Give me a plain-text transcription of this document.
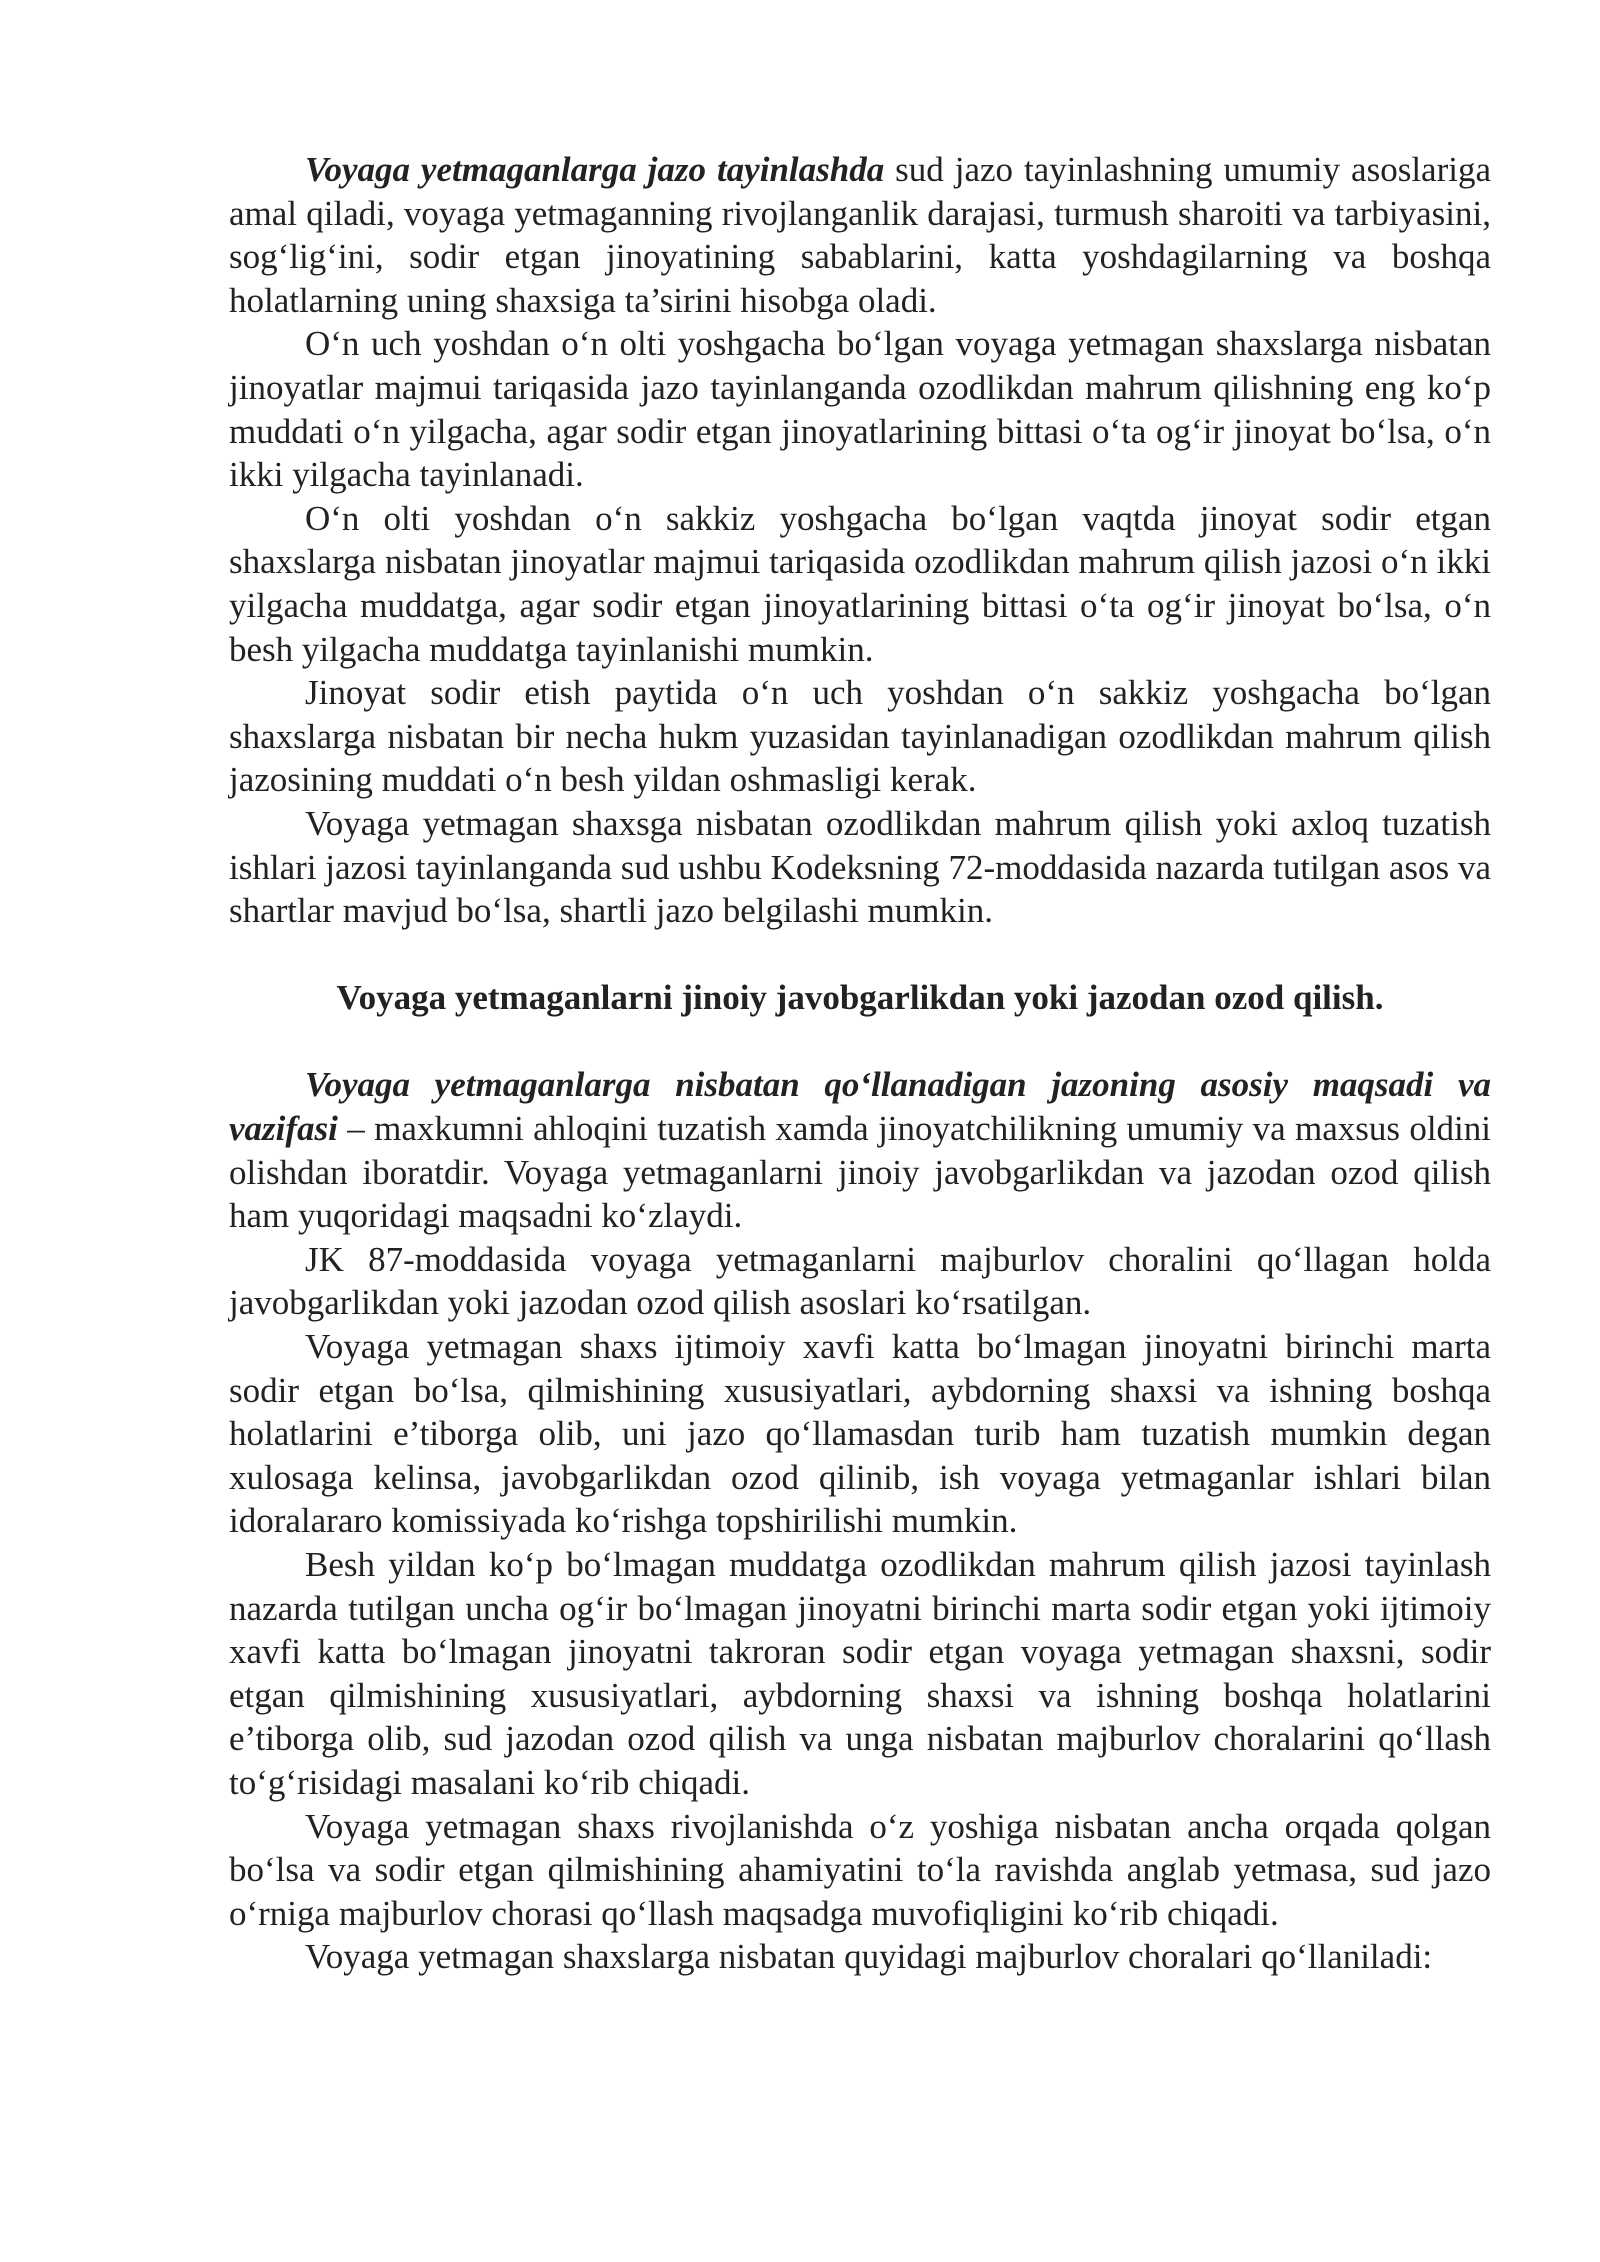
Voyaga yetmaganlarga jazo tayinlashda sud jazo tayinlashning umumiy asoslariga amal qiladi, voyaga yetmaganning rivojlanganlik darajasi, turmush sharoiti va tarbiyasini, sog‘lig‘ini, sodir etgan jinoyatining sabablarini, katta yoshdagilarning va boshqa holatlarning uning shaxsiga ta’sirini hisobga oladi.

O‘n uch yoshdan o‘n olti yoshgacha bo‘lgan voyaga yetmagan shaxslarga nisbatan jinoyatlar majmui tariqasida jazo tayinlanganda ozodlikdan mahrum qilishning eng ko‘p muddati o‘n yilgacha, agar sodir etgan jinoyatlarining bittasi o‘ta og‘ir jinoyat bo‘lsa, o‘n ikki yilgacha tayinlanadi.

O‘n olti yoshdan o‘n sakkiz yoshgacha bo‘lgan vaqtda jinoyat sodir etgan shaxslarga nisbatan jinoyatlar majmui tariqasida ozodlikdan mahrum qilish jazosi o‘n ikki yilgacha muddatga, agar sodir etgan jinoyatlarining bittasi o‘ta og‘ir jinoyat bo‘lsa, o‘n besh yilgacha muddatga tayinlanishi mumkin.

Jinoyat sodir etish paytida o‘n uch yoshdan o‘n sakkiz yoshgacha bo‘lgan shaxslarga nisbatan bir necha hukm yuzasidan tayinlanadigan ozodlikdan mahrum qilish jazosining muddati o‘n besh yildan oshmasligi kerak.

Voyaga yetmagan shaxsga nisbatan ozodlikdan mahrum qilish yoki axloq tuzatish ishlari jazosi tayinlanganda sud ushbu Kodeksning 72-moddasida nazarda tutilgan asos va shartlar mavjud bo‘lsa, shartli jazo belgilashi mumkin.

Voyaga yetmaganlarni jinoiy javobgarlikdan yoki jazodan ozod qilish.

Voyaga yetmaganlarga nisbatan qo‘llanadigan jazoning asosiy maqsadi va vazifasi – maxkumni ahloqini tuzatish xamda jinoyatchilikning umumiy va maxsus oldini olishdan iboratdir. Voyaga yetmaganlarni jinoiy javobgarlikdan va jazodan ozod qilish ham yuqoridagi maqsadni ko‘zlaydi.

JK 87-moddasida voyaga yetmaganlarni majburlov choralini qo‘llagan holda javobgarlikdan yoki jazodan ozod qilish asoslari ko‘rsatilgan.

Voyaga yetmagan shaxs ijtimoiy xavfi katta bo‘lmagan jinoyatni birinchi marta sodir etgan bo‘lsa, qilmishining xususiyatlari, aybdorning shaxsi va ishning boshqa holatlarini e’tiborga olib, uni jazo qo‘llamasdan turib ham tuzatish mumkin degan xulosaga kelinsa, javobgarlikdan ozod qilinib, ish voyaga yetmaganlar ishlari bilan idoralararo komissiyada ko‘rishga topshirilishi mumkin.

Besh yildan ko‘p bo‘lmagan muddatga ozodlikdan mahrum qilish jazosi tayinlash nazarda tutilgan uncha og‘ir bo‘lmagan jinoyatni birinchi marta sodir etgan yoki ijtimoiy xavfi katta bo‘lmagan jinoyatni takroran sodir etgan voyaga yetmagan shaxsni, sodir etgan qilmishining xususiyatlari, aybdorning shaxsi va ishning boshqa holatlarini e’tiborga olib, sud jazodan ozod qilish va unga nisbatan majburlov choralarini qo‘llash to‘g‘risidagi masalani ko‘rib chiqadi.

Voyaga yetmagan shaxs rivojlanishda o‘z yoshiga nisbatan ancha orqada qolgan bo‘lsa va sodir etgan qilmishining ahamiyatini to‘la ravishda anglab yetmasa, sud jazo o‘rniga majburlov chorasi qo‘llash maqsadga muvofiqligini ko‘rib chiqadi.

Voyaga yetmagan shaxslarga nisbatan quyidagi majburlov choralari qo‘llaniladi:
